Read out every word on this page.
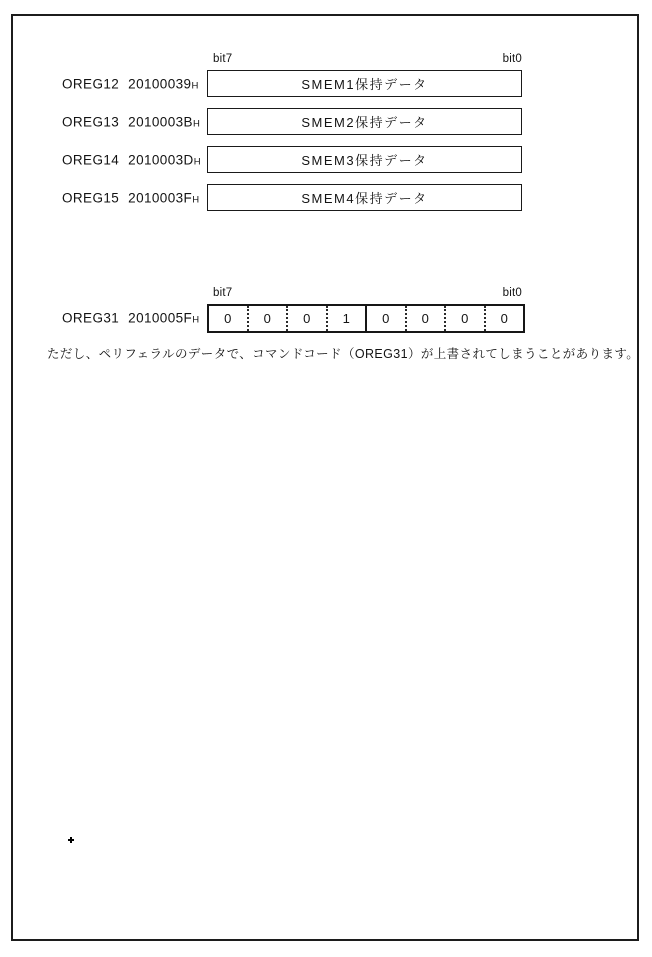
bit7	bit0
OREG12 20100039H	SMEM1保持データ
OREG13 2010003BH	SMEM2保持データ
OREG14 2010003DH	SMEM3保持データ
OREG15 2010003FH	SMEM4保持データ
bit7	bit0
OREG31 2010005FH	0	0	0	1	0	0	0	0
ただし、ペリフェラルのデータで、コマンドコード（OREG31）が上書されてしまうことがあります。
